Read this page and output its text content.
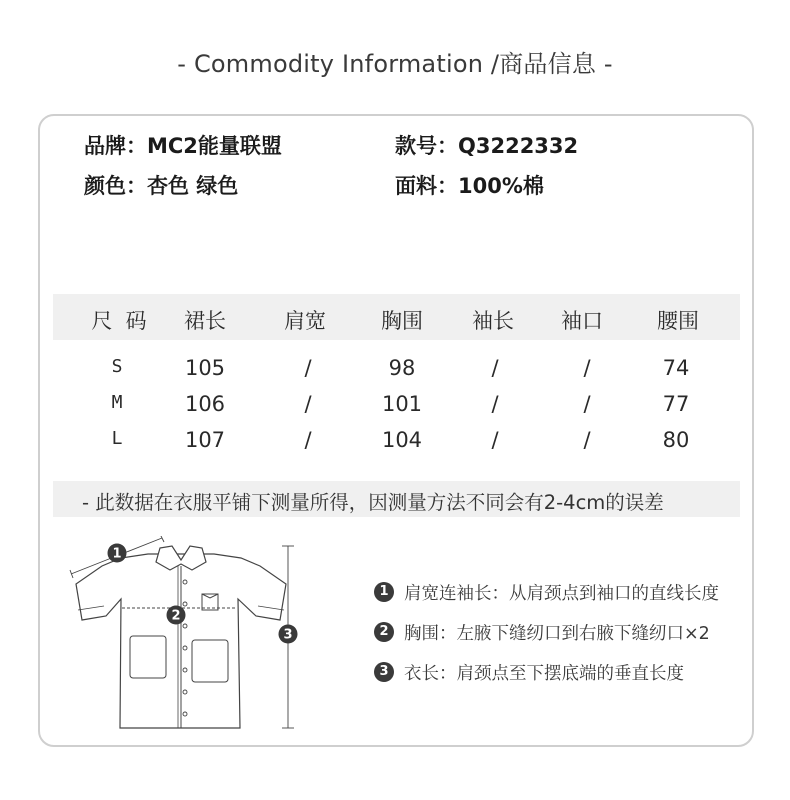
- Commodity Information /商品信息 -
品牌：MC2能量联盟	款号：Q3222332
颜色：杏色 绿色	面料：100%棉
尺  码	裙长	肩宽	胸围	袖长	袖口	腰围
S	105	/	98	/	/	74
M	106	/	101	/	/	77
L	107	/	104	/	/	80
- 此数据在衣服平铺下测量所得，因测量方法不同会有2-4cm的误差
1
2
3
1 肩宽连袖长：从肩颈点到袖口的直线长度
2 胸围：左腋下缝纫口到右腋下缝纫口×2
3 衣长：肩颈点至下摆底端的垂直长度
